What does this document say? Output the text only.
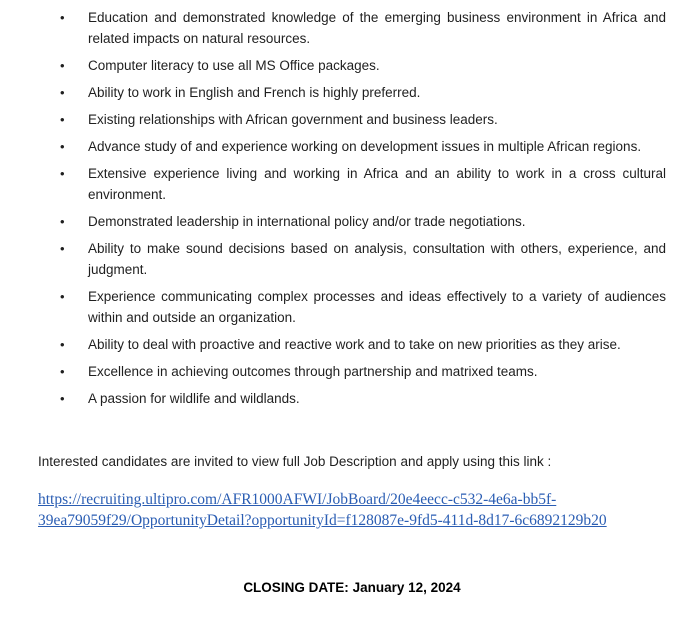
•	Education and demonstrated knowledge of the emerging business environment in Africa and related impacts on natural resources.
•	Computer literacy to use all MS Office packages.
•	Ability to work in English and French is highly preferred.
•	Existing relationships with African government and business leaders.
•	Advance study of and experience working on development issues in multiple African regions.
•	Extensive experience living and working in Africa and an ability to work in a cross cultural environment.
•	Demonstrated leadership in international policy and/or trade negotiations.
•	Ability to make sound decisions based on analysis, consultation with others, experience, and judgment.
•	Experience communicating complex processes and ideas effectively to a variety of audiences within and outside an organization.
•	Ability to deal with proactive and reactive work and to take on new priorities as they arise.
•	Excellence in achieving outcomes through partnership and matrixed teams.
•	A passion for wildlife and wildlands.

Interested candidates are invited to view full Job Description and apply using this link :

https://recruiting.ultipro.com/AFR1000AFWI/JobBoard/20e4eecc-c532-4e6a-bb5f-
39ea79059f29/OpportunityDetail?opportunityId=f128087e-9fd5-411d-8d17-6c6892129b20

CLOSING DATE: January 12, 2024
